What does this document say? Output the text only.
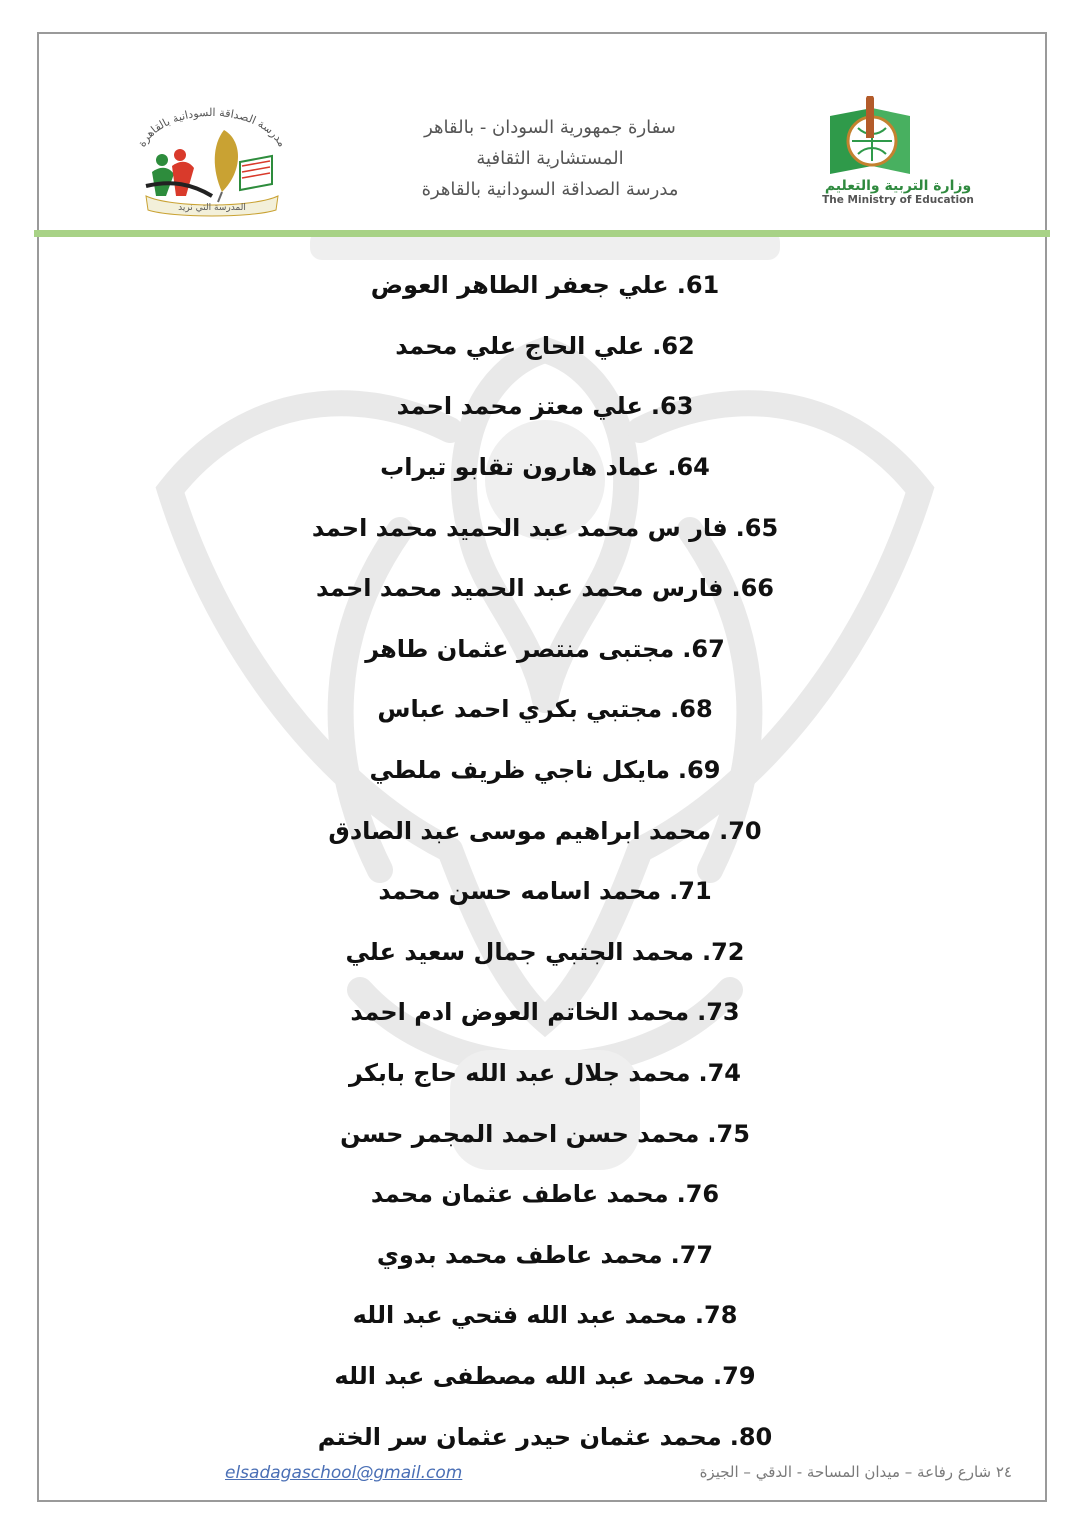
مدرسة الصداقة السودانية بالقاهرة
المدرسة التي نريد
سفارة جمهورية السودان - بالقاهر
المستشارية الثقافية
مدرسة الصداقة السودانية بالقاهرة	وزارة التربية والتعليم
The Ministry of Education
61.
علي جعفر الطاهر العوض
62.
علي الحاج علي محمد
63.
علي معتز محمد احمد
64.
عماد هارون تقابو تيراب
65.
فار س محمد عبد الحميد محمد احمد
66.
فارس محمد عبد الحميد محمد احمد
67.
مجتبى منتصر عثمان طاهر
68.
مجتبي بكري احمد عباس
69.
مايكل ناجي ظريف ملطي
70.
محمد ابراهيم موسى عبد الصادق
71.
محمد اسامه حسن محمد
72.
محمد الجتبي جمال سعيد علي
73.
محمد الخاتم العوض ادم احمد
74.
محمد جلال عبد الله حاج بابكر
75.
محمد حسن احمد المجمر حسن
76.
محمد عاطف عثمان محمد
77.
محمد عاطف محمد بدوي
78.
محمد عبد الله فتحي عبد الله
79.
محمد عبد الله مصطفى عبد الله
80.
محمد عثمان حيدر عثمان سر الختم
elsadagaschool@gmail.com	٢٤ شارع رفاعة – ميدان المساحة - الدقي – الجيزة
